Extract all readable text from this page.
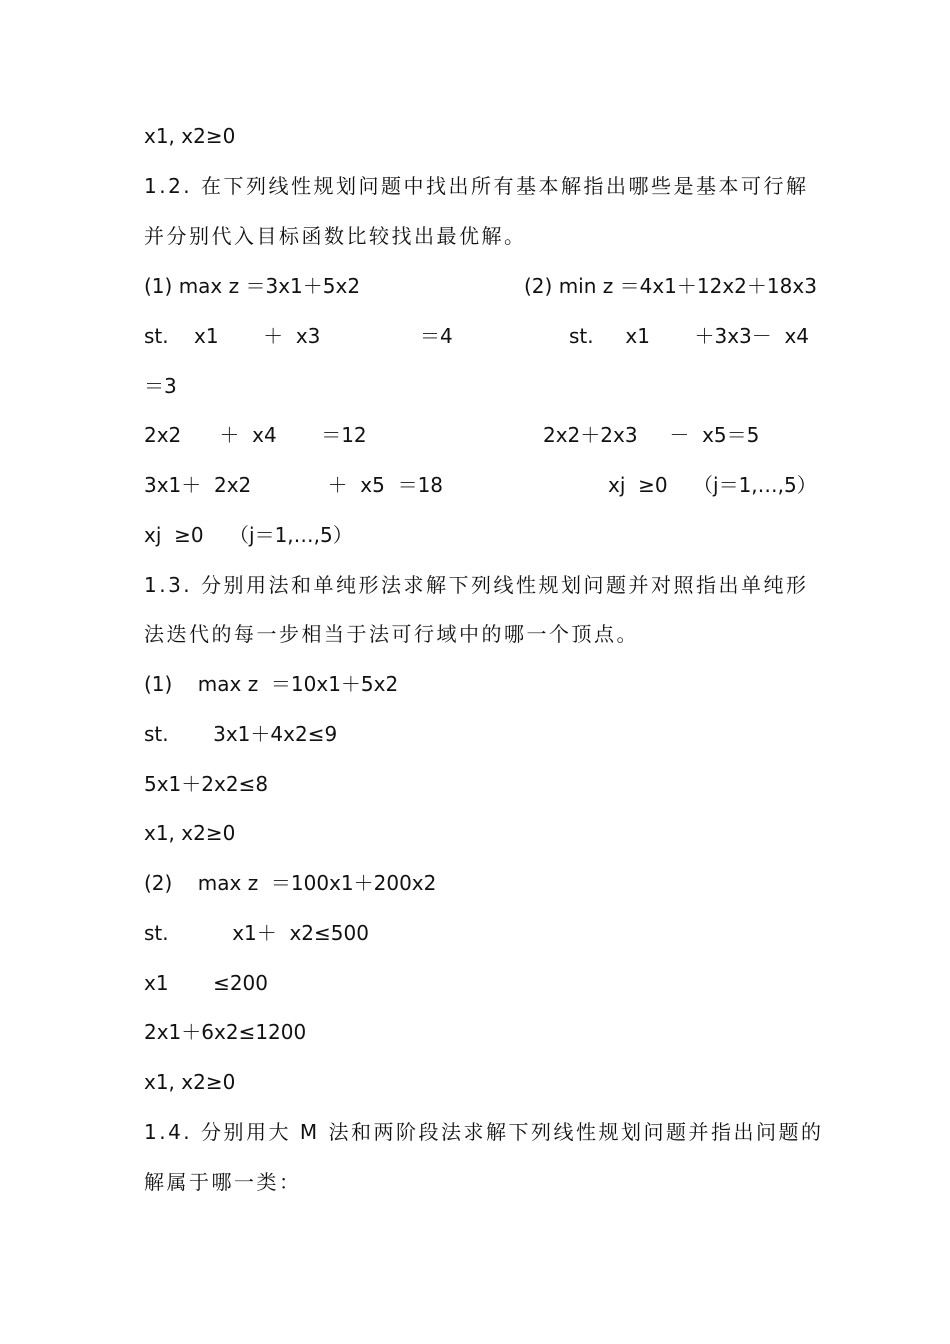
x1, x2≥0
1.2. 在下列线性规划问题中找出所有基本解指出哪些是基本可行解
并分别代入目标函数比较找出最优解。
(1) max z ＝3x1＋5x2	(2) min z ＝4x1＋12x2＋18x3
st.    x1       ＋  x3	＝4	st.     x1       ＋3x3－  x4
＝3
2x2      ＋  x4       ＝12	2x2＋2x3     －  x5＝5
3x1＋  2x2            ＋  x5  ＝18	xj  ≥0    （j＝1,…,5）
xj  ≥0    （j＝1,…,5）
1.3. 分别用法和单纯形法求解下列线性规划问题并对照指出单纯形
法迭代的每一步相当于法可行域中的哪一个顶点。
(1)    max z  ＝10x1＋5x2
st.       3x1＋4x2≤9
5x1＋2x2≤8
x1, x2≥0
(2)    max z  ＝100x1＋200x2
st.          x1＋  x2≤500
x1       ≤200
2x1＋6x2≤1200
x1, x2≥0
1.4. 分别用大 M 法和两阶段法求解下列线性规划问题并指出问题的
解属于哪一类：
